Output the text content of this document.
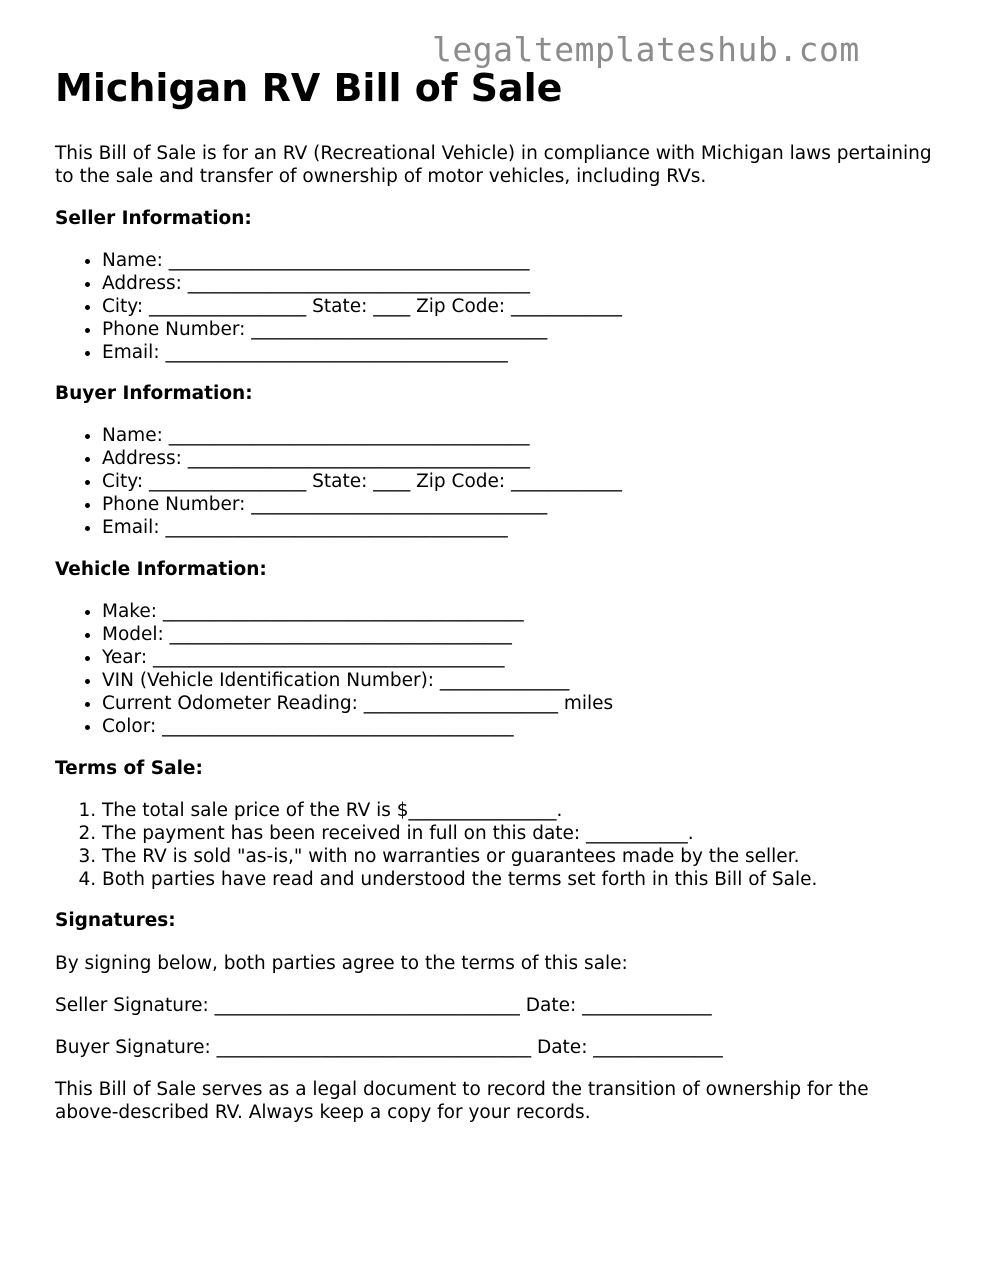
legaltemplateshub.com
Michigan RV Bill of Sale

This Bill of Sale is for an RV (Recreational Vehicle) in compliance with Michigan laws pertaining to the sale and transfer of ownership of motor vehicles, including RVs.

Seller Information:
• Name: _______________________________________
• Address: _____________________________________
• City: _________________ State: ____ Zip Code: ____________
• Phone Number: ________________________________
• Email: _____________________________________
Buyer Information:
• Name: _______________________________________
• Address: _____________________________________
• City: _________________ State: ____ Zip Code: ____________
• Phone Number: ________________________________
• Email: _____________________________________
Vehicle Information:
• Make: _______________________________________
• Model: _____________________________________
• Year: ______________________________________
• VIN (Vehicle Identification Number): ______________
• Current Odometer Reading: _____________________ miles
• Color: ______________________________________
Terms of Sale:
1. The total sale price of the RV is $________________.
2. The payment has been received in full on this date: ___________.
3. The RV is sold "as-is," with no warranties or guarantees made by the seller.
4. Both parties have read and understood the terms set forth in this Bill of Sale.
Signatures:
By signing below, both parties agree to the terms of this sale:
Seller Signature: _________________________________ Date: ______________
Buyer Signature: __________________________________ Date: ______________

This Bill of Sale serves as a legal document to record the transition of ownership for the above-described RV. Always keep a copy for your records.
